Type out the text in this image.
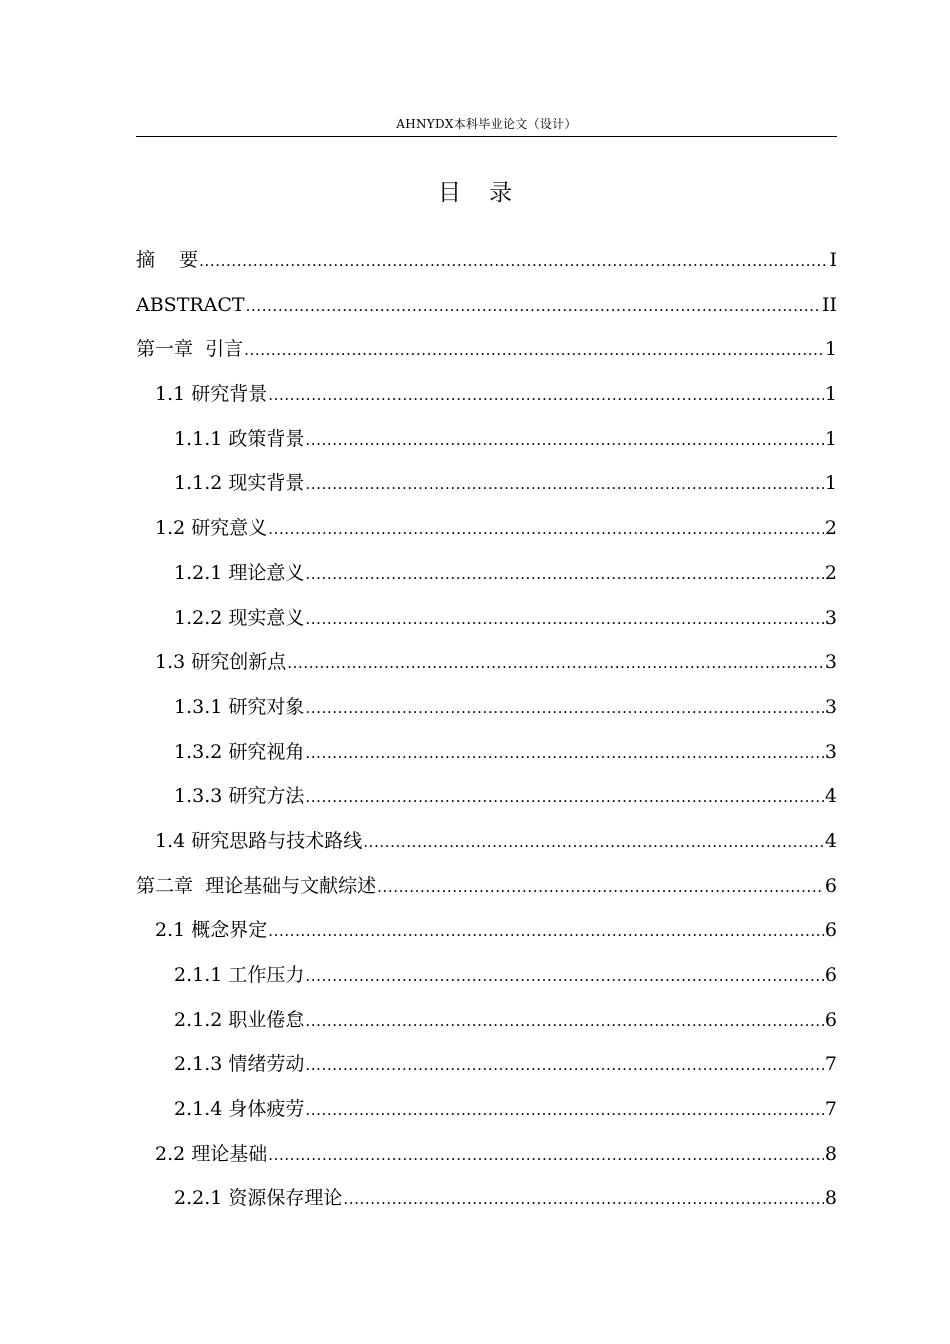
AHNYDX本科毕业论文（设计）
目 录
摘    要 .....	I
ABSTRACT .....	II
第一章  引言 .....	1
1.1 研究背景 .....	1
1.1.1 政策背景 .....	1
1.1.2 现实背景 .....	1
1.2 研究意义 .....	2
1.2.1 理论意义 .....	2
1.2.2 现实意义 .....	3
1.3 研究创新点 .....	3
1.3.1 研究对象 .....	3
1.3.2 研究视角 .....	3
1.3.3 研究方法 .....	4
1.4 研究思路与技术路线 .....	4
第二章  理论基础与文献综述 .....	6
2.1 概念界定 .....	6
2.1.1 工作压力 .....	6
2.1.2 职业倦怠 .....	6
2.1.3 情绪劳动 .....	7
2.1.4 身体疲劳 .....	7
2.2 理论基础 .....	8
2.2.1 资源保存理论 .....	8
